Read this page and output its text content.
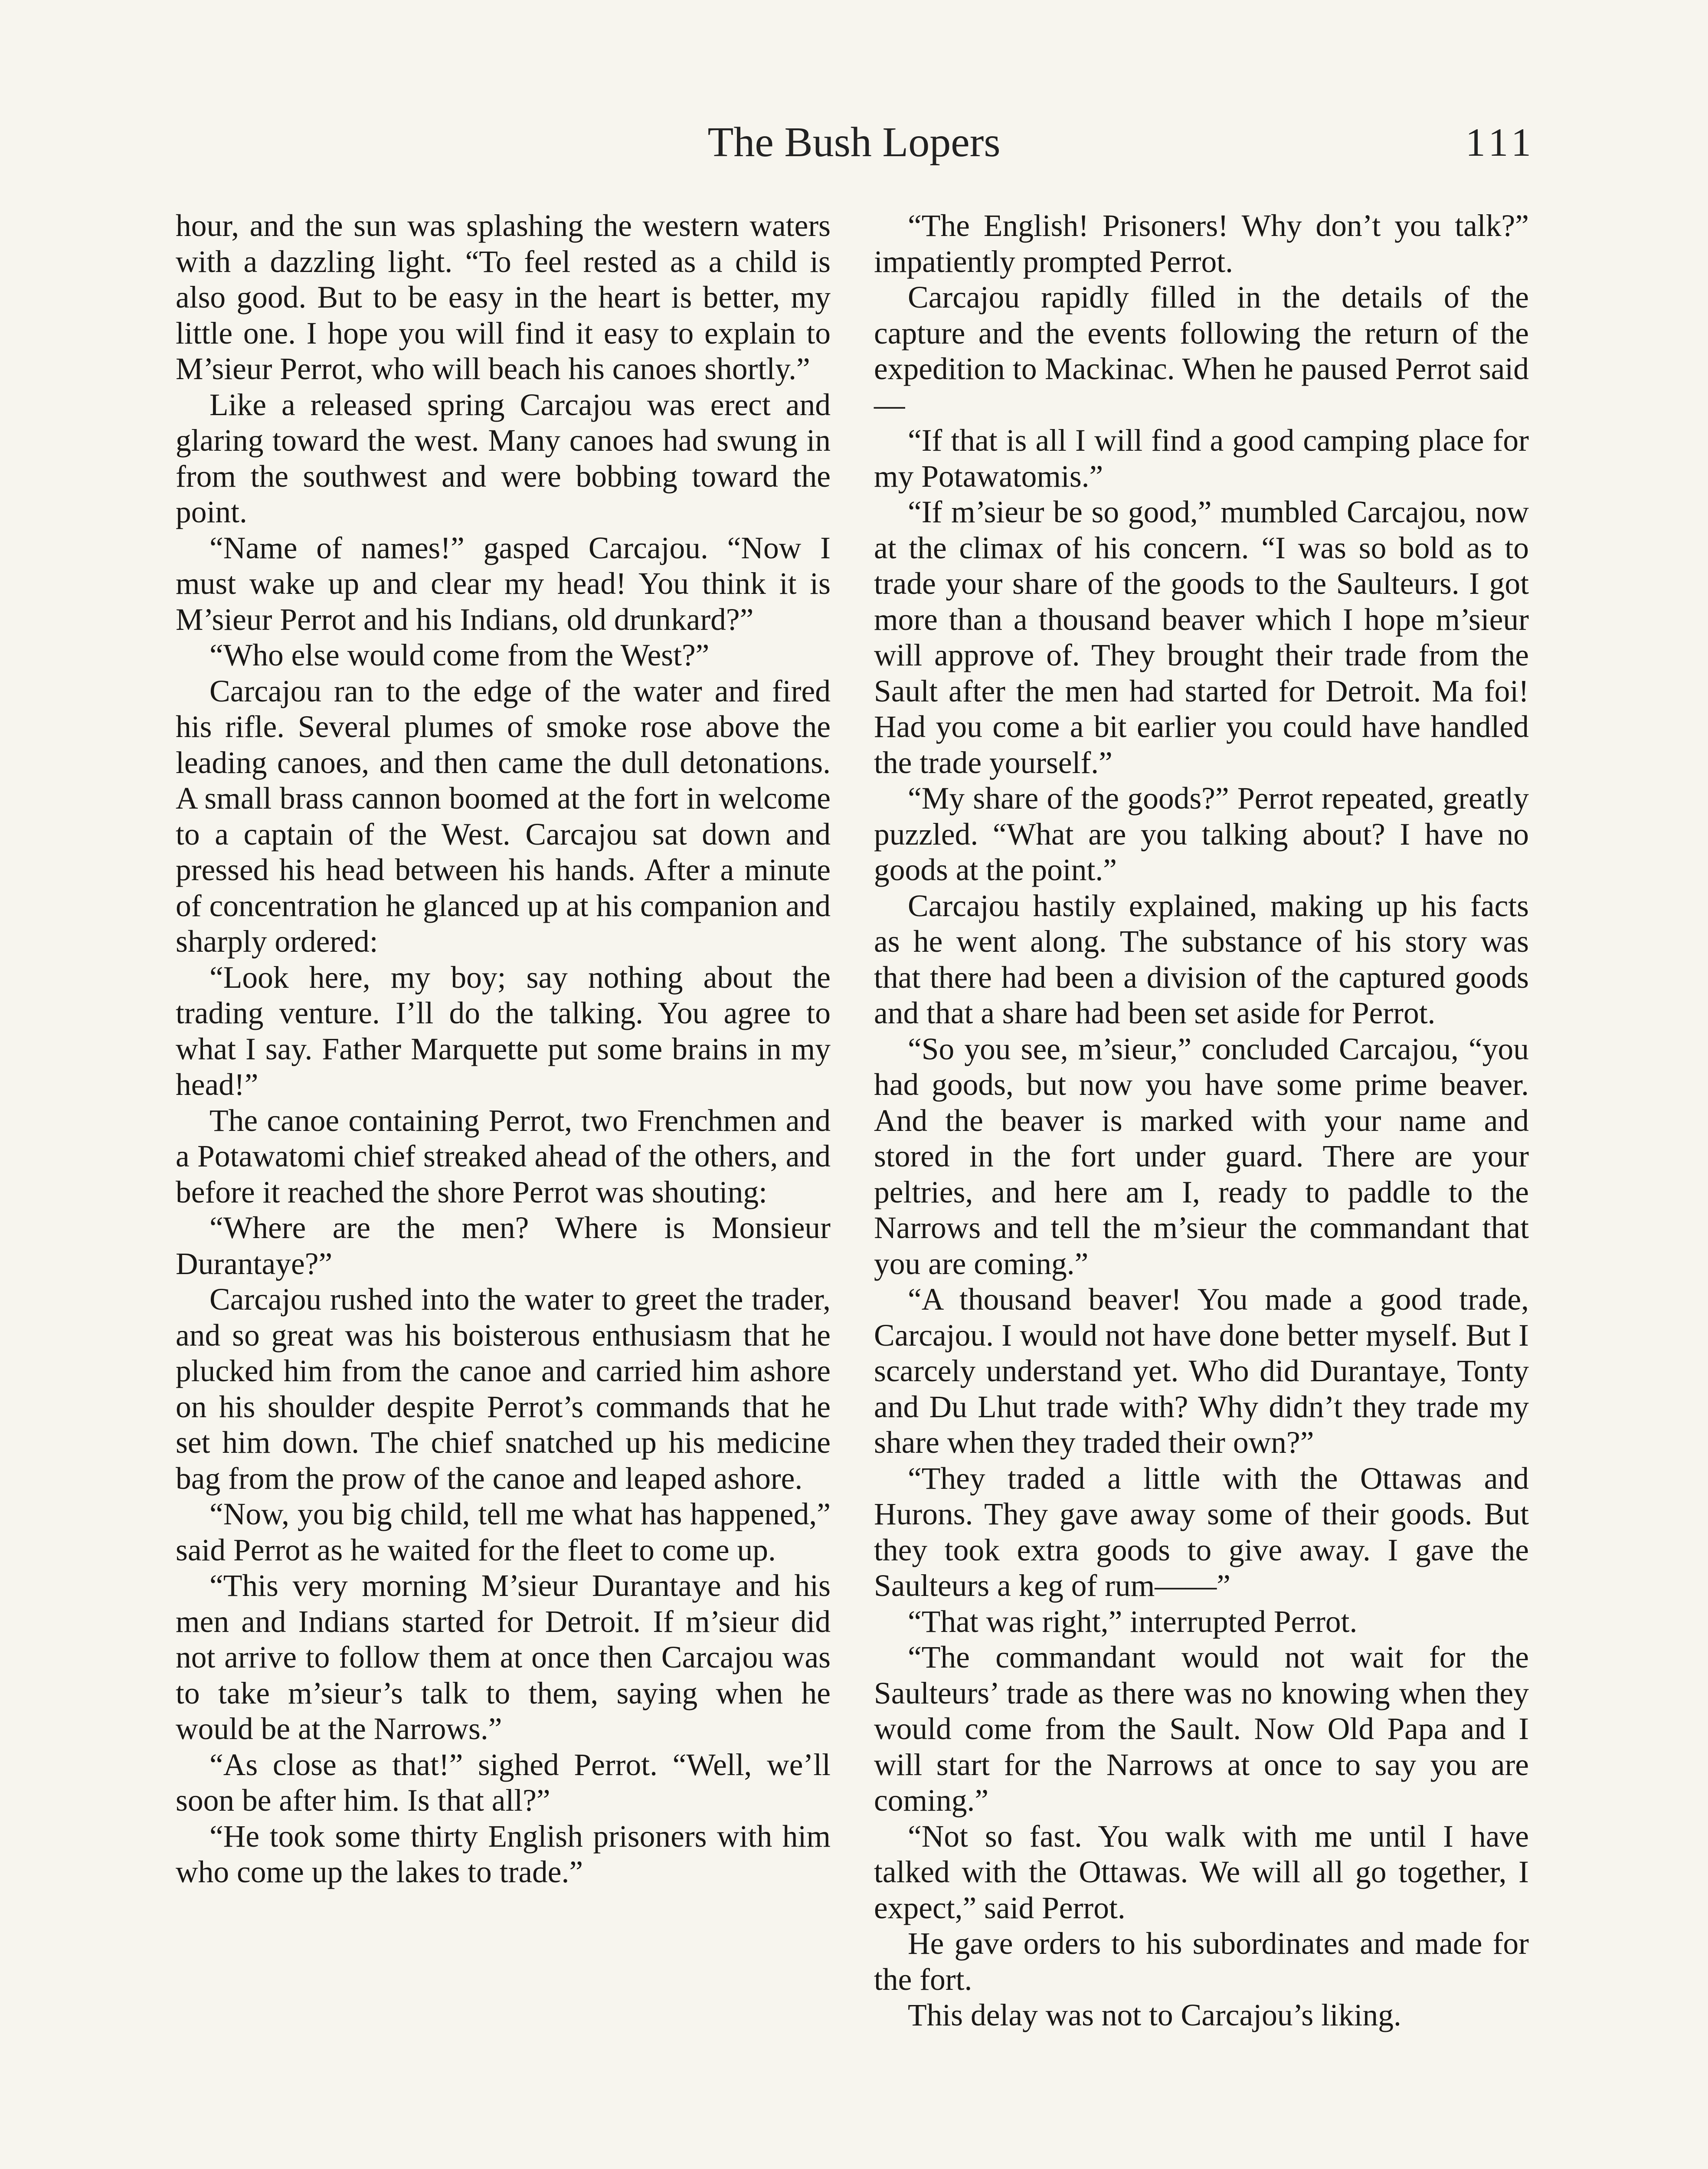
The Bush Lopers	111

hour, and the sun was splashing the western waters with a dazzling light. “To feel rested as a child is also good. But to be easy in the heart is better, my little one. I hope you will find it easy to explain to M’sieur Perrot, who will beach his canoes shortly.”

Like a released spring Carcajou was erect and glaring toward the west. Many canoes had swung in from the southwest and were bobbing toward the point.

“Name of names!” gasped Carcajou. “Now I must wake up and clear my head! You think it is M’sieur Perrot and his Indians, old drunkard?”

“Who else would come from the West?”

Carcajou ran to the edge of the water and fired his rifle. Several plumes of smoke rose above the leading canoes, and then came the dull detonations. A small brass cannon boomed at the fort in welcome to a captain of the West. Carcajou sat down and pressed his head between his hands. After a minute of concentration he glanced up at his companion and sharply ordered:

“Look here, my boy; say nothing about the trading venture. I’ll do the talking. You agree to what I say. Father Marquette put some brains in my head!”

The canoe containing Perrot, two Frenchmen and a Potawatomi chief streaked ahead of the others, and before it reached the shore Perrot was shouting:

“Where are the men? Where is Monsieur Durantaye?”

Carcajou rushed into the water to greet the trader, and so great was his boisterous enthusiasm that he plucked him from the canoe and carried him ashore on his shoulder despite Perrot’s commands that he set him down. The chief snatched up his medicine bag from the prow of the canoe and leaped ashore.

“Now, you big child, tell me what has happened,” said Perrot as he waited for the fleet to come up.

“This very morning M’sieur Durantaye and his men and Indians started for Detroit. If m’sieur did not arrive to follow them at once then Carcajou was to take m’sieur’s talk to them, saying when he would be at the Narrows.”

“As close as that!” sighed Perrot. “Well, we’ll soon be after him. Is that all?”

“He took some thirty English prisoners with him who come up the lakes to trade.”

“The English! Prisoners! Why don’t you talk?” impatiently prompted Perrot.

Carcajou rapidly filled in the details of the capture and the events following the return of the expedition to Mackinac. When he paused Perrot said—

“If that is all I will find a good camping place for my Potawatomis.”

“If m’sieur be so good,” mumbled Carcajou, now at the climax of his concern. “I was so bold as to trade your share of the goods to the Saulteurs. I got more than a thousand beaver which I hope m’sieur will approve of. They brought their trade from the Sault after the men had started for Detroit. Ma foi! Had you come a bit earlier you could have handled the trade yourself.”

“My share of the goods?” Perrot repeated, greatly puzzled. “What are you talking about? I have no goods at the point.”

Carcajou hastily explained, making up his facts as he went along. The substance of his story was that there had been a division of the captured goods and that a share had been set aside for Perrot.

“So you see, m’sieur,” concluded Carcajou, “you had goods, but now you have some prime beaver. And the beaver is marked with your name and stored in the fort under guard. There are your peltries, and here am I, ready to paddle to the Narrows and tell the m’sieur the commandant that you are coming.”

“A thousand beaver! You made a good trade, Carcajou. I would not have done better myself. But I scarcely understand yet. Who did Durantaye, Tonty and Du Lhut trade with? Why didn’t they trade my share when they traded their own?”

“They traded a little with the Ottawas and Hurons. They gave away some of their goods. But they took extra goods to give away. I gave the Saulteurs a keg of rum——”

“That was right,” interrupted Perrot.

“The commandant would not wait for the Saulteurs’ trade as there was no knowing when they would come from the Sault. Now Old Papa and I will start for the Narrows at once to say you are coming.”

“Not so fast. You walk with me until I have talked with the Ottawas. We will all go together, I expect,” said Perrot.

He gave orders to his subordinates and made for the fort.

This delay was not to Carcajou’s liking.
